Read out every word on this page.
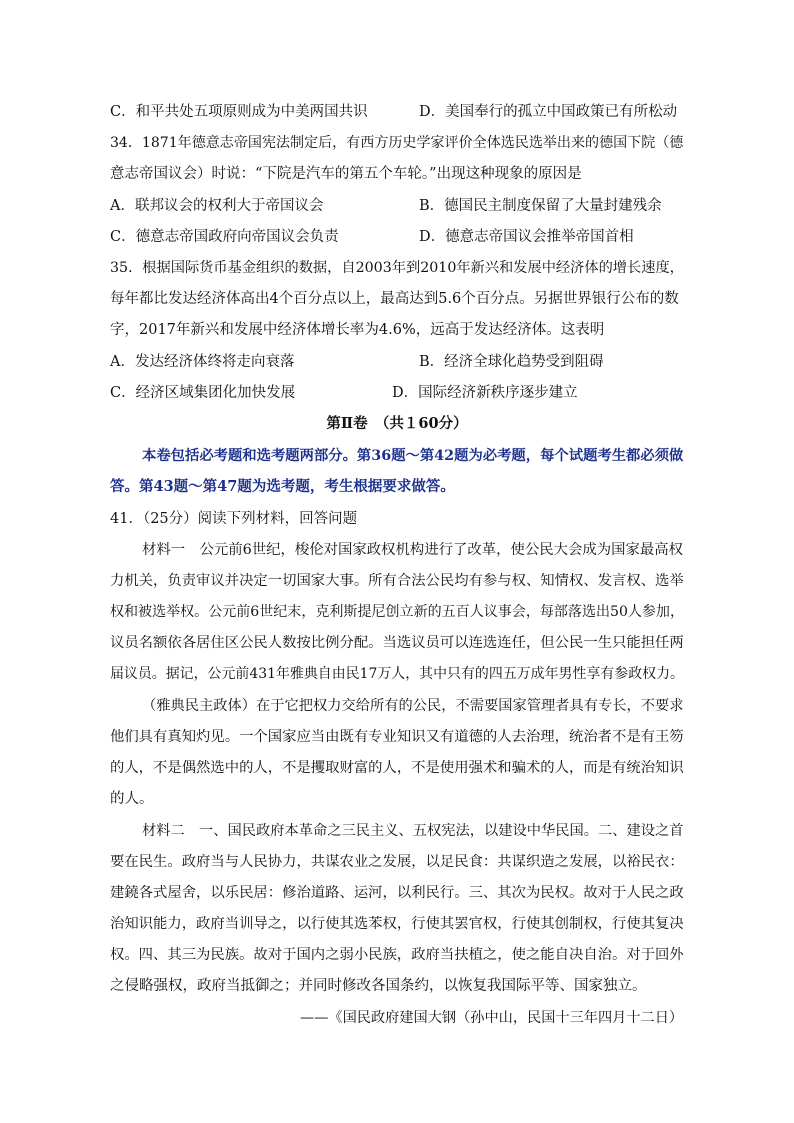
C．和平共处五项原则成为中美两国共识	D．美国奉行的孤立中国政策已有所松动
34．1871年德意志帝国宪法制定后，有西方历史学家评价全体选民选举出来的德国下院（德
意志帝国议会）时说：“下院是汽车的第五个车轮。”出现这种现象的原因是
A．联邦议会的权利大于帝国议会	B．德国民主制度保留了大量封建残余
C．德意志帝国政府向帝国议会负责	D．德意志帝国议会推举帝国首相
35．根据国际货币基金组织的数据，自2003年到2010年新兴和发展中经济体的增长速度，
每年都比发达经济体高出4个百分点以上，最高达到5.6个百分点。另据世界银行公布的数
字，2017年新兴和发展中经济体增长率为4.6%，远高于发达经济体。这表明
A．发达经济体终将走向衰落	B．经济全球化趋势受到阻碍
C．经济区域集团化加快发展	D．国际经济新秩序逐步建立
第Ⅱ卷　（共１60分）
本卷包括必考题和选考题两部分。第36题～第42题为必考题，每个试题考生都必须做
答。第43题～第47题为选考题，考生根据要求做答。
41．（25分）阅读下列材料，回答问题
材料一　公元前6世纪，梭伦对国家政权机构进行了改革，使公民大会成为国家最高权
力机关，负责审议并决定一切国家大事。所有合法公民均有参与权、知情权、发言权、选举
权和被选举权。公元前6世纪末，克利斯提尼创立新的五百人议事会，每部落选出50人参加，
议员名额依各居住区公民人数按比例分配。当选议员可以连选连任，但公民一生只能担任两
届议员。据记，公元前431年雅典自由民17万人，其中只有的四五万成年男性享有参政权力。
（雅典民主政体）在于它把权力交给所有的公民，不需要国家管理者具有专长，不要求
他们具有真知灼见。一个国家应当由既有专业知识又有道德的人去治理，统治者不是有王笏
的人，不是偶然选中的人，不是攫取财富的人，不是使用强术和骗术的人，而是有统治知识
的人。
材料二　一、国民政府本革命之三民主义、五权宪法，以建设中华民国。二、建设之首
要在民生。政府当与人民协力，共谋农业之发展，以足民食：共谋织造之发展，以裕民衣：
建鐃各式屋舍，以乐民居：修治道路、运河，以利民行。三、其次为民权。故对于人民之政
治知识能力，政府当训导之，以行使其选苯权，行使其罢官权，行使其创制权，行使其复决
权。四、其三为民族。故对于国内之弱小民族，政府当扶植之，使之能自决自治。对于回外
之侵略强权，政府当抵御之；并同时修改各国条约，以恢复我国际平等、国家独立。
——《国民政府建国大钢（孙中山，民国十三年四月十二日）
